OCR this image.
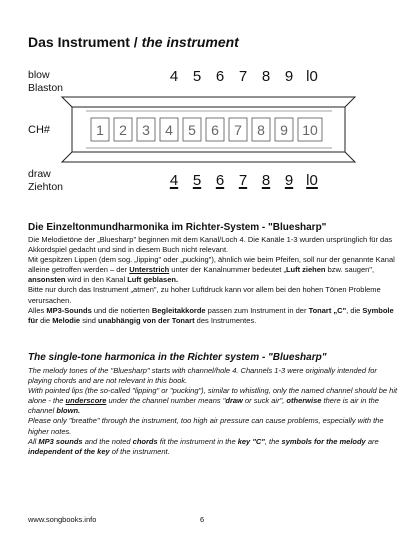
Das Instrument / the instrument
blow
Blaston
4 5 6 7 8 9 l0
1 2 3 4 5 6 7 8 9 10
CH#
draw
Ziehton	4 5 6 7 8 9 l0
Die Einzeltonmundharmonika im Richter-System - "Bluesharp"

Die Melodietöne der „Bluesharp" beginnen mit dem Kanal/Loch 4. Die Kanäle 1-3 wurden ursprünglich für das Akkordspiel gedacht und sind in diesem Buch nicht relevant.

Mit gespitzen Lippen (dem sog. „lipping" oder „pucking"), ähnlich wie beim Pfeifen, soll nur der genannte Kanal alleine getroffen werden – der Unterstrich unter der Kanalnummer bedeutet „Luft ziehen bzw. saugen", ansonsten wird in den Kanal Luft geblasen.

Bitte nur durch das Instrument „atmen", zu hoher Luftdruck kann vor allem bei den hohen Tönen Probleme verursachen.

Alles MP3-Sounds und die notierten Begleitakkorde passen zum Instrument in der Tonart „C", die Symbole für die Melodie sind unabhängig von der Tonart des Instrumentes.

The single-tone harmonica in the Richter system - "Bluesharp"

The melody tones of the "Bluesharp" starts with channel/hole 4. Channels 1-3 were originally intended for playing chords and are not relevant in this book.

With pointed lips (the so-called "lipping" or "pucking"), similar to whistling, only the named channel should be hit alone - the underscore under the channel number means "draw or suck air", otherwise there is air in the channel blown.

Please only "breathe" through the instrument, too high air pressure can cause problems, especially with the higher notes.

All MP3 sounds and the noted chords fit the instrument in the key "C", the symbols for the melody are independent of the key of the instrument.

www.songbooks.info	6
